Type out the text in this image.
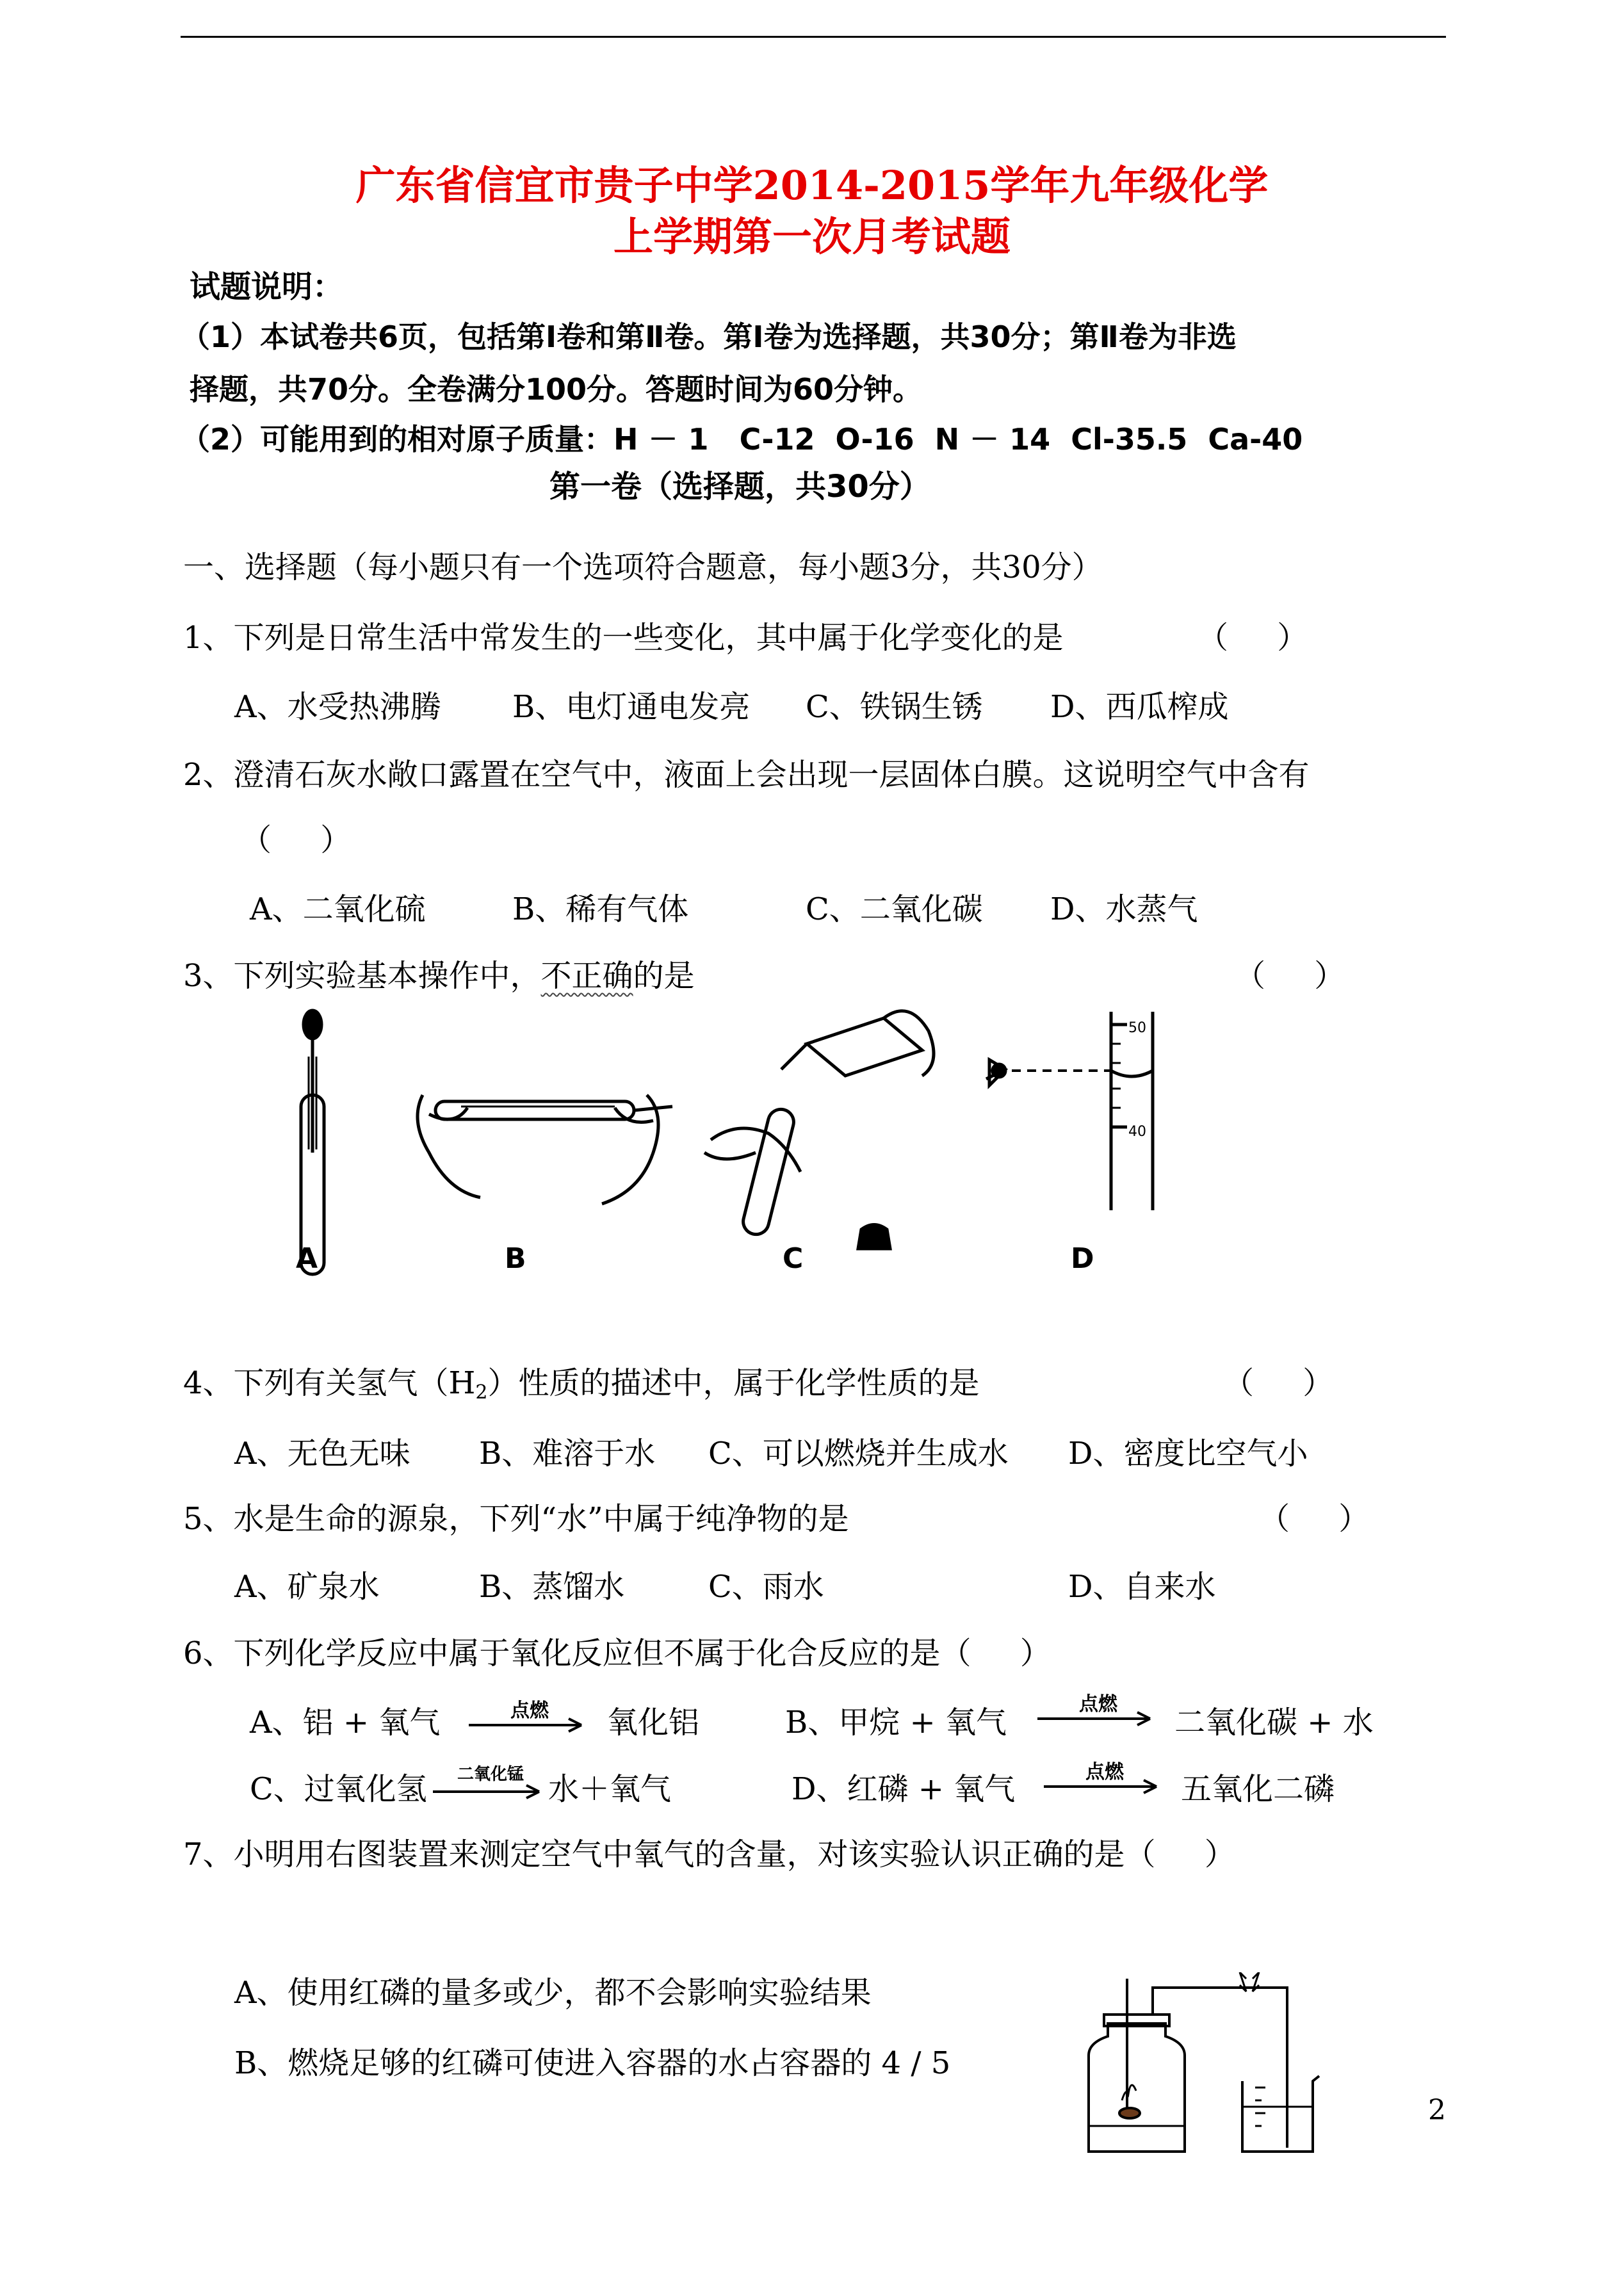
广东省信宜市贵子中学2014-2015学年九年级化学
上学期第一次月考试题
试题说明：
（1）本试卷共6页，包括第Ⅰ卷和第Ⅱ卷。第Ⅰ卷为选择题，共30分；第Ⅱ卷为非选
择题，共70分。全卷满分100分。答题时间为60分钟。
（2）可能用到的相对原子质量：H － 1   C-12  O-16  N － 14  Cl-35.5  Ca-40
第一卷（选择题，共30分）
一、选择题（每小题只有一个选项符合题意，每小题3分，共30分）
1、下列是日常生活中常发生的一些变化，其中属于化学变化的是	（     ）
A、水受热沸腾 B、电灯通电发亮 C、铁锅生锈 D、西瓜榨成
2、澄清石灰水敞口露置在空气中，液面上会出现一层固体白膜。这说明空气中含有
（     ）
A、二氧化硫	B、稀有气体	C、二氧化碳 D、水蒸气
3、下列实验基本操作中，不正确的是	（     ）
50
40
A	B	C	D
4、下列有关氢气$(H_2)$性质的描述中，属于化学性质的是	（     ）
A、无色无味 B、难溶于水 C、可以燃烧并生成水 D、密度比空气小
5、水是生命的源泉，下列“水”中属于纯净物的是	（     ）
A、矿泉水	B、蒸馏水	C、雨水	D、自来水
6、下列化学反应中属于氧化反应但不属于化合反应的是（     ）
A、铝 + 氧气	点燃	氧化铝	B、甲烷 + 氧气
点燃
二氧化碳 + 水
C、过氧化氢	二氧化锰 水＋氧气	D、红磷 + 氧气	点燃	五氧化二磷
7、小明用右图装置来测定空气中氧气的含量，对该实验认识正确的是（     ）
A、使用红磷的量多或少，都不会影响实验结果
B、燃烧足够的红磷可使进入容器的水占容器的 4 / 5
2
